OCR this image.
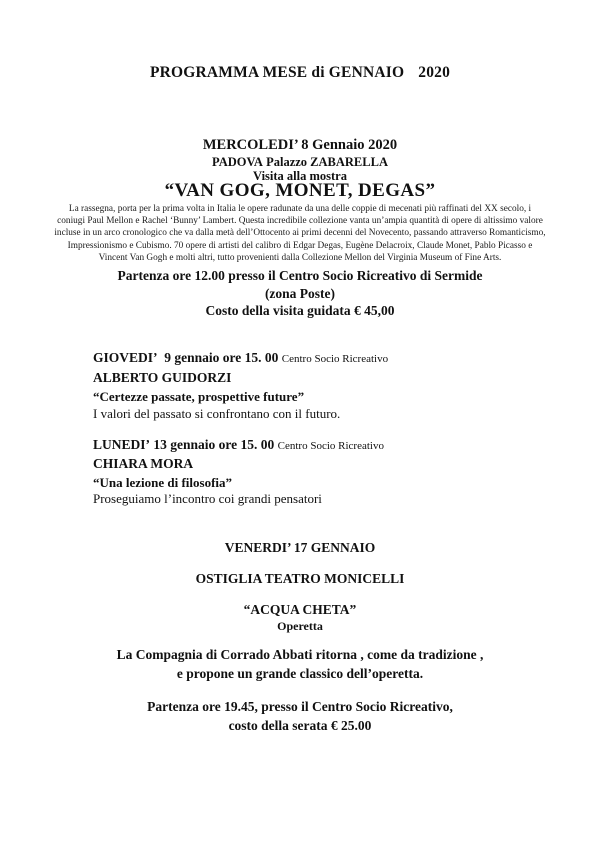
PROGRAMMA MESE di GENNAIO 2020
MERCOLEDI’ 8 Gennaio 2020
PADOVA Palazzo ZABARELLA
Visita alla mostra
“VAN GOG, MONET, DEGAS”
La rassegna, porta per la prima volta in Italia le opere radunate da una delle coppie di mecenati più raffinati del XX secolo, i
coniugi Paul Mellon e Rachel ‘Bunny’ Lambert. Questa incredibile collezione vanta un’ampia quantità di opere di altissimo valore
incluse in un arco cronologico che va dalla metà dell’Ottocento ai primi decenni del Novecento, passando attraverso Romanticismo,
Impressionismo e Cubismo. 70 opere di artisti del calibro di Edgar Degas, Eugène Delacroix, Claude Monet, Pablo Picasso e
Vincent Van Gogh e molti altri, tutto provenienti dalla Collezione Mellon del Virginia Museum of Fine Arts.
Partenza ore 12.00 presso il Centro Socio Ricreativo di Sermide
(zona Poste)
Costo della visita guidata € 45,00
GIOVEDI’ 9 gennaio ore 15. 00 Centro Socio Ricreativo
ALBERTO GUIDORZI
“Certezze passate, prospettive future”
I valori del passato si confrontano con il futuro.
LUNEDI’ 13 gennaio ore 15. 00 Centro Socio Ricreativo
CHIARA MORA
“Una lezione di filosofia”
Proseguiamo l’incontro coi grandi pensatori
VENERDI’ 17 GENNAIO
OSTIGLIA TEATRO MONICELLI
“ACQUA CHETA”
Operetta
La Compagnia di Corrado Abbati ritorna , come da tradizione ,
e propone un grande classico dell’operetta.
Partenza ore 19.45, presso il Centro Socio Ricreativo,
costo della serata € 25.00
